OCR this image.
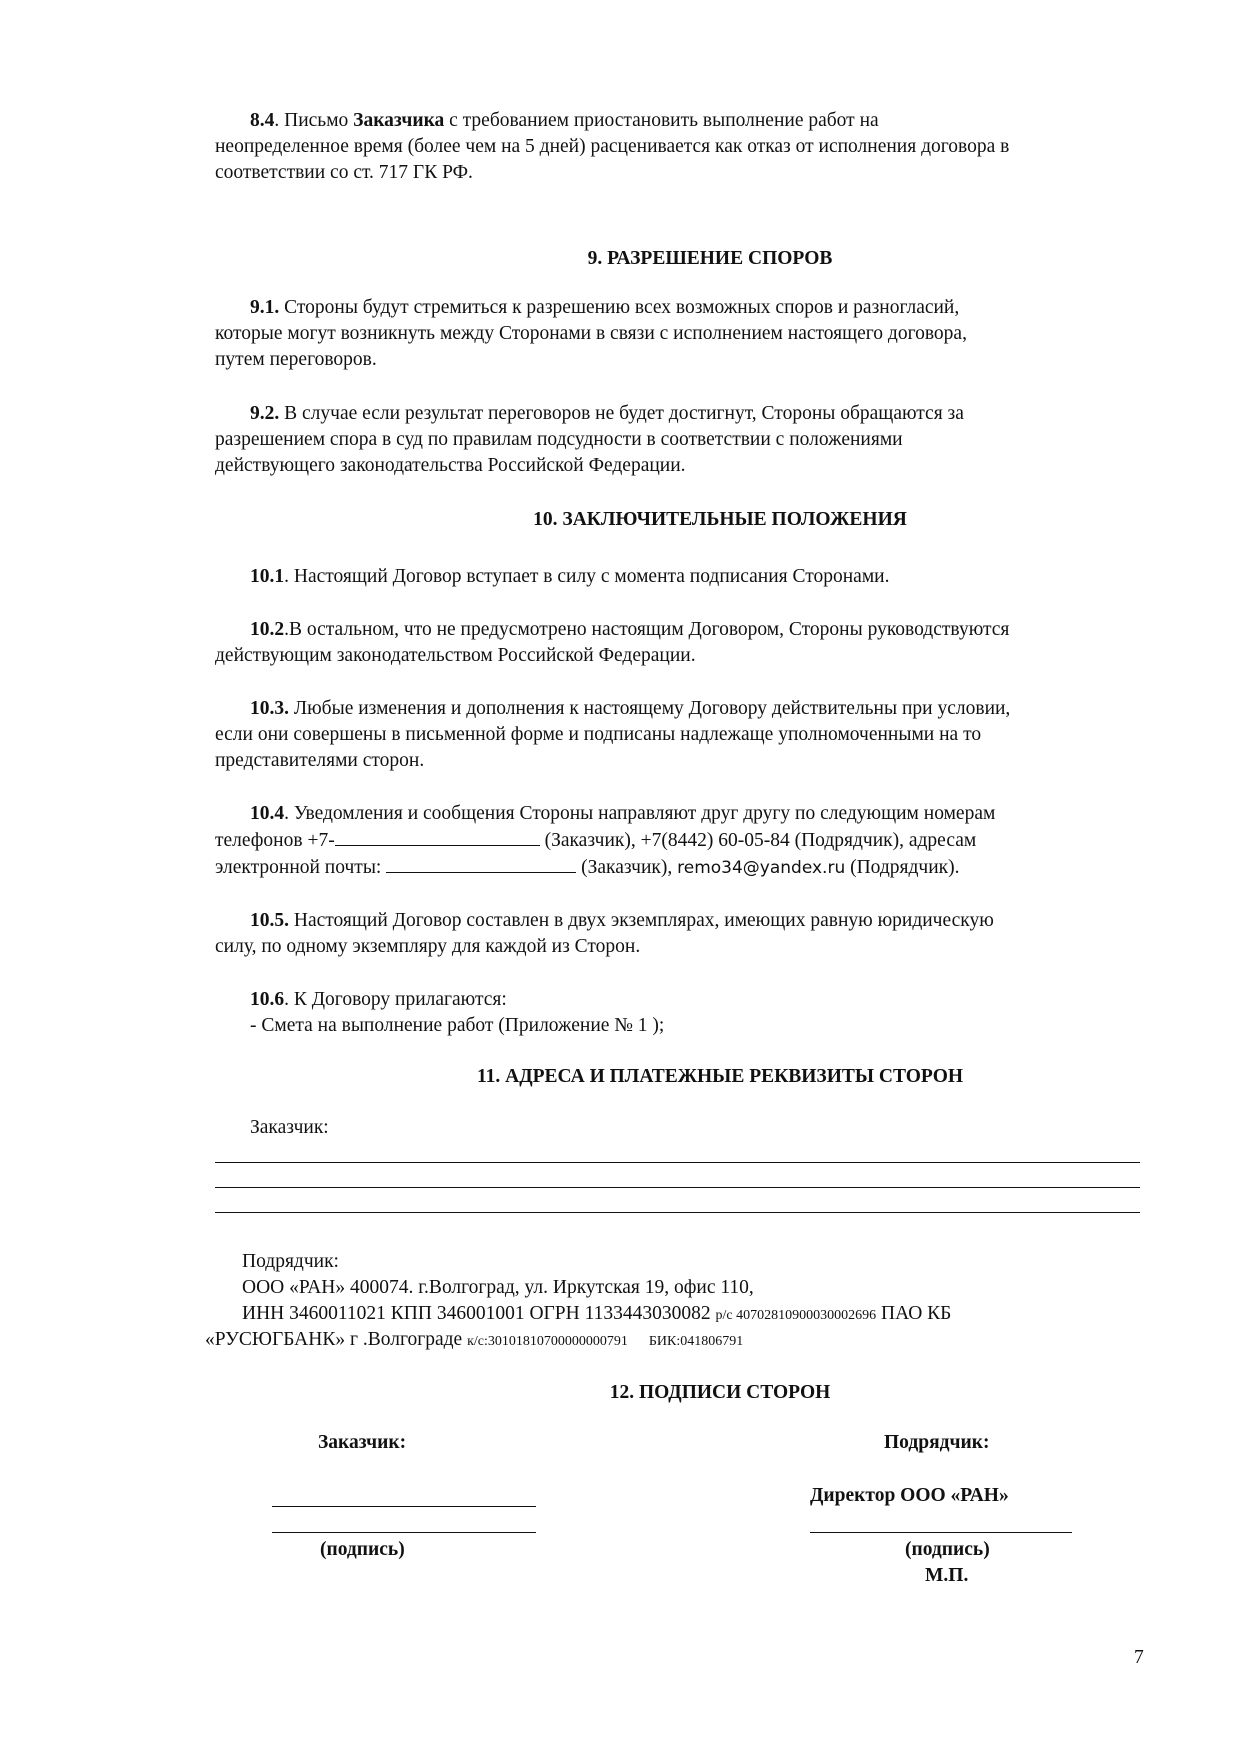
8.4. Письмо Заказчика с требованием приостановить выполнение работ на
неопределенное время (более чем на 5 дней) расценивается как отказ от исполнения договора в
соответствии со ст. 717 ГК РФ.
9. РАЗРЕШЕНИЕ СПОРОВ
9.1. Стороны будут стремиться к разрешению всех возможных споров и разногласий,
которые могут возникнуть между Сторонами в связи с исполнением настоящего договора,
путем переговоров.
9.2. В случае если результат переговоров не будет достигнут, Стороны обращаются за
разрешением спора в суд по правилам подсудности в соответствии с положениями
действующего законодательства Российской Федерации.
10. ЗАКЛЮЧИТЕЛЬНЫЕ ПОЛОЖЕНИЯ
10.1. Настоящий Договор вступает в силу с момента подписания Сторонами.
10.2.В остальном, что не предусмотрено настоящим Договором, Стороны руководствуются
действующим законодательством Российской Федерации.
10.3. Любые изменения и дополнения к настоящему Договору действительны при условии,
если они совершены в письменной форме и подписаны надлежаще уполномоченными на то
представителями сторон.
10.4. Уведомления и сообщения Стороны направляют друг другу по следующим номерам
телефонов +7-	(Заказчик), +7(8442) 60-05-84 (Подрядчик), адресам
электронной почты:	(Заказчик), remo34@yandex.ru (Подрядчик).
10.5. Настоящий Договор составлен в двух экземплярах, имеющих равную юридическую
силу, по одному экземпляру для каждой из Сторон.
10.6. К Договору прилагаются:
- Смета на выполнение работ (Приложение № 1 );
11. АДРЕСА И ПЛАТЕЖНЫЕ РЕКВИЗИТЫ СТОРОН
Заказчик:
Подрядчик:
ООО «РАН» 400074. г.Волгоград, ул. Иркутская 19, офис 110,
ИНН 3460011021 КПП 346001001 ОГРН 1133443030082 р/с 40702810900030002696 ПАО КБ
«РУСЮГБАНК» г .Волгограде к/с:30101810700000000791      БИК:041806791
12. ПОДПИСИ СТОРОН
Заказчик:	Подрядчик:
Директор ООО «РАН»
(подпись)	(подпись)
М.П.
7
